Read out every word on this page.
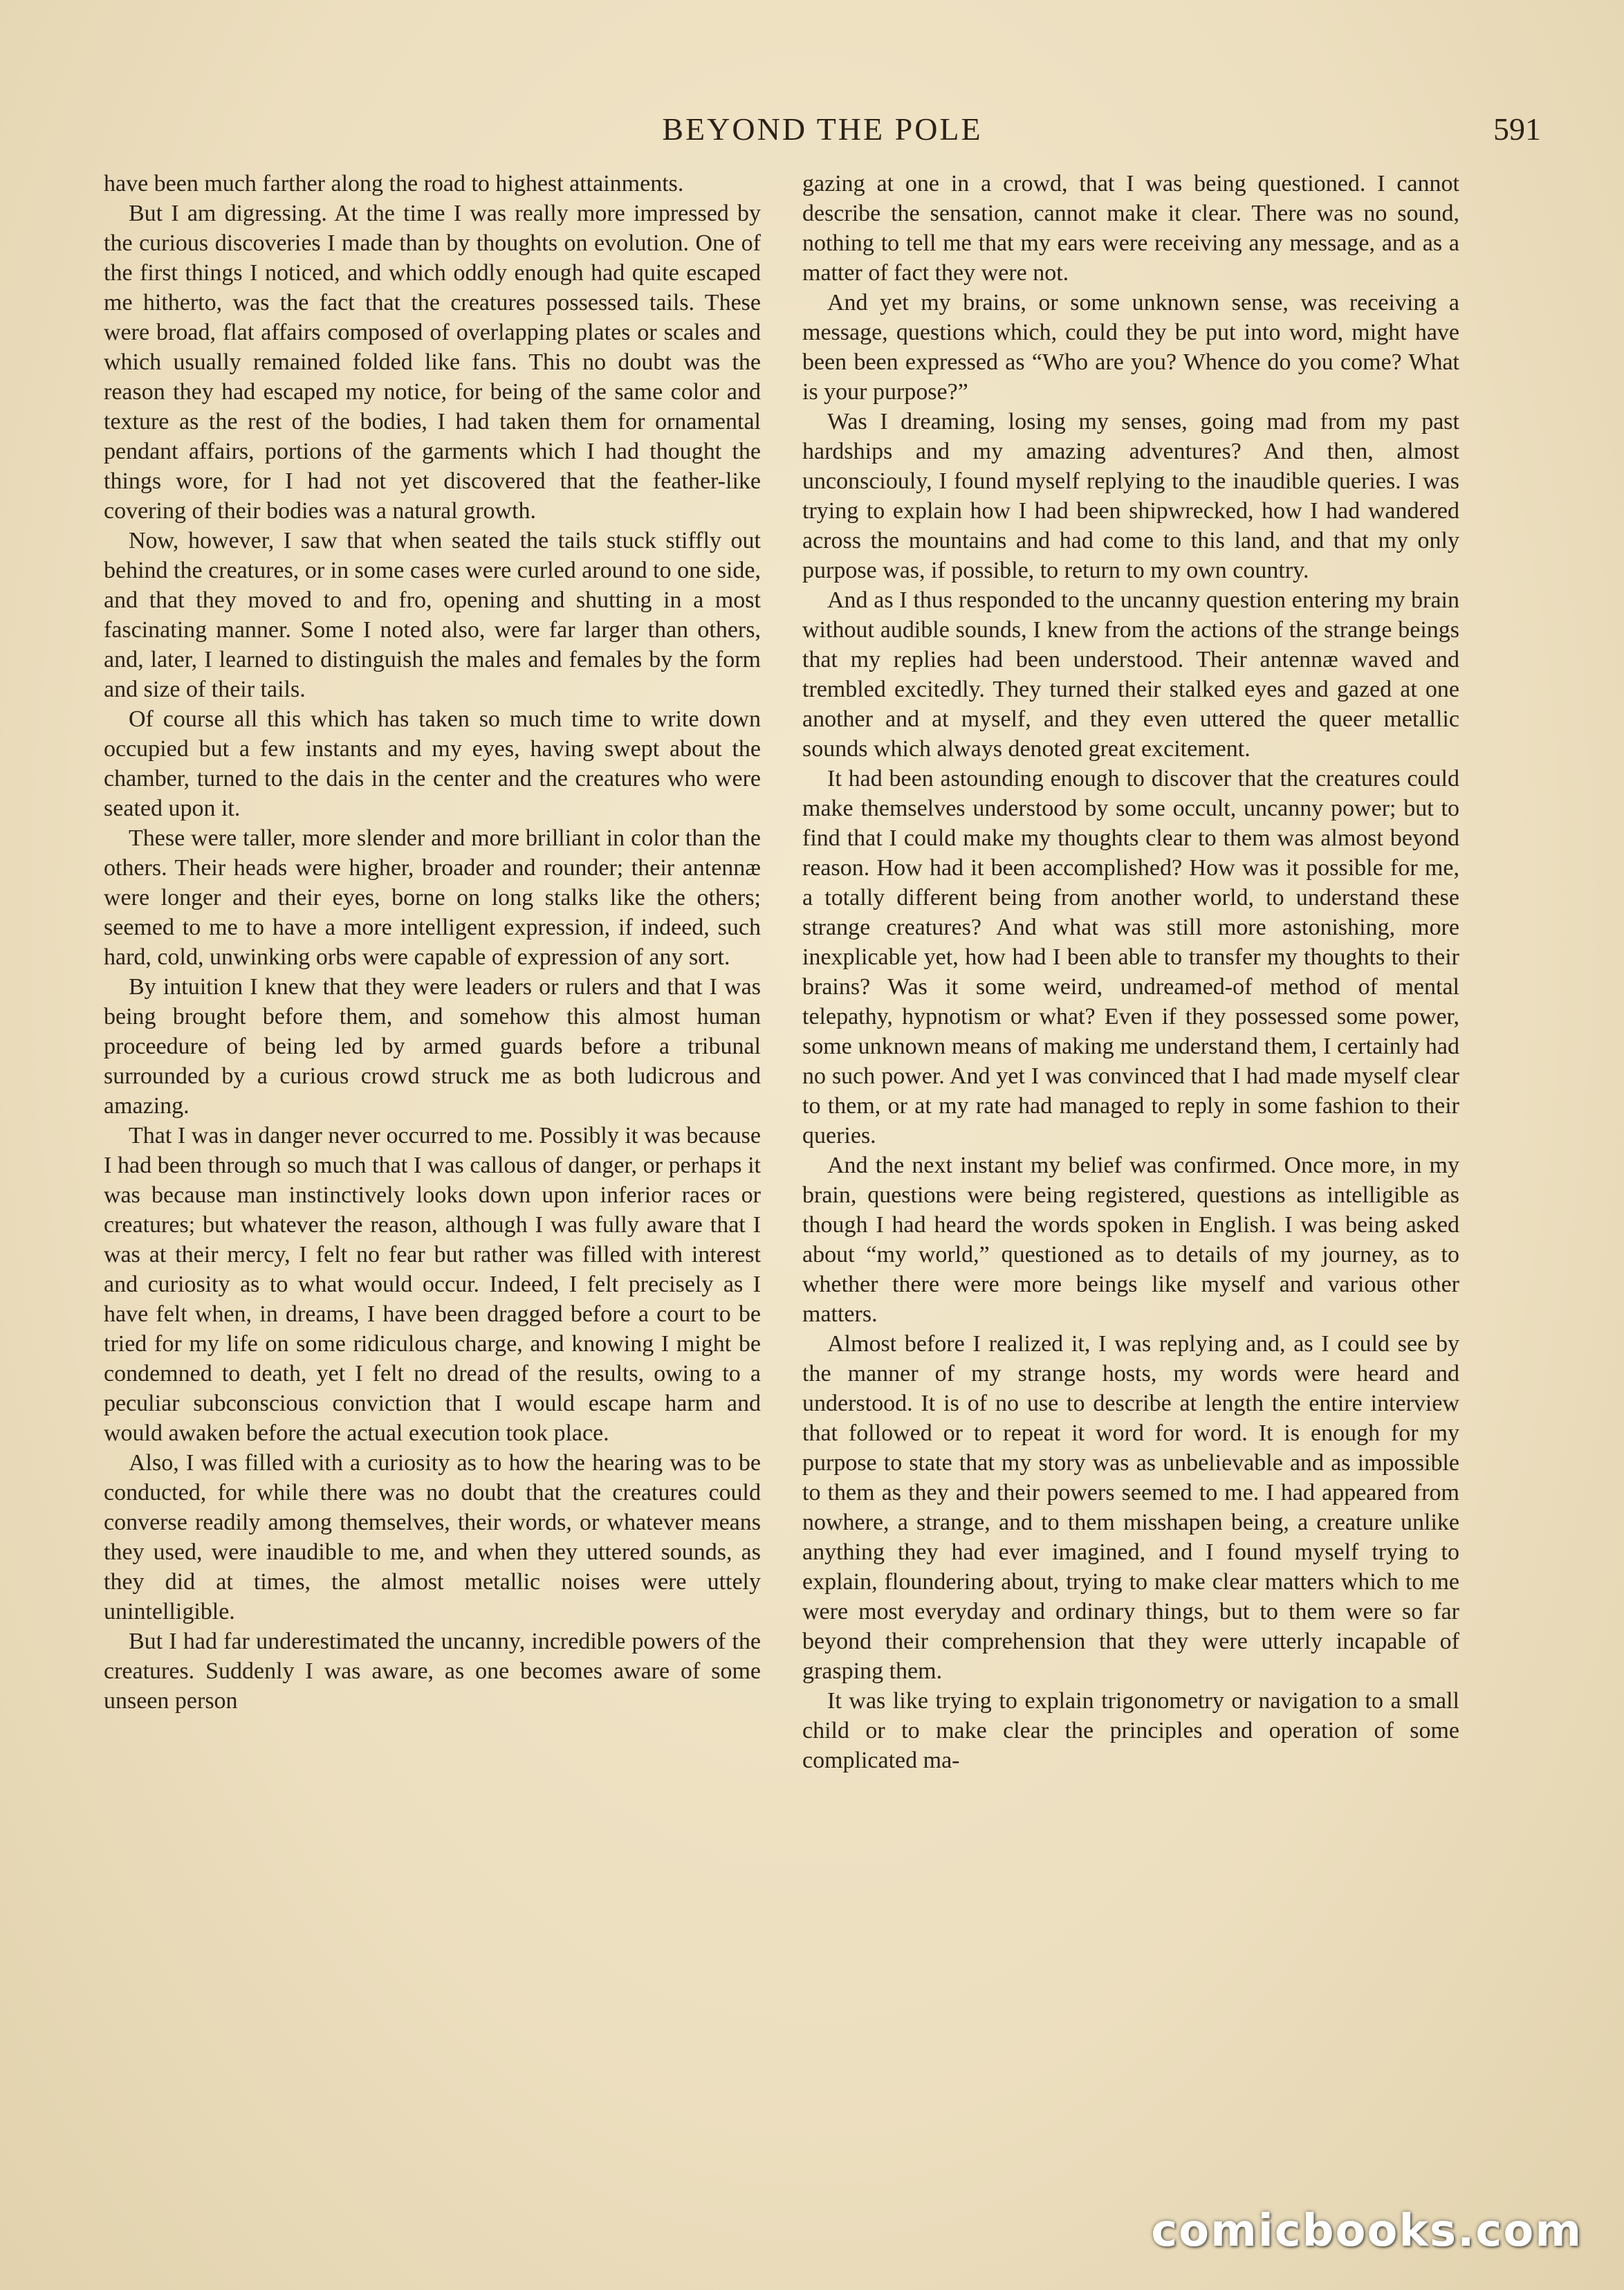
BEYOND THE POLE	591

have been much farther along the road to highest attainments.

But I am digressing. At the time I was really more impressed by the curious discoveries I made than by thoughts on evolution. One of the first things I noticed, and which oddly enough had quite escaped me hitherto, was the fact that the creatures possessed tails. These were broad, flat affairs composed of overlapping plates or scales and which usually remained folded like fans. This no doubt was the reason they had escaped my notice, for being of the same color and texture as the rest of the bodies, I had taken them for ornamental pendant affairs, portions of the garments which I had thought the things wore, for I had not yet discovered that the feather-like covering of their bodies was a natural growth.

Now, however, I saw that when seated the tails stuck stiffly out behind the creatures, or in some cases were curled around to one side, and that they moved to and fro, opening and shutting in a most fascinating manner. Some I noted also, were far larger than others, and, later, I learned to distinguish the males and females by the form and size of their tails.

Of course all this which has taken so much time to write down occupied but a few instants and my eyes, having swept about the chamber, turned to the dais in the center and the creatures who were seated upon it.

These were taller, more slender and more brilliant in color than the others. Their heads were higher, broader and rounder; their antennæ were longer and their eyes, borne on long stalks like the others; seemed to me to have a more intelligent expression, if indeed, such hard, cold, unwinking orbs were capable of expression of any sort.

By intuition I knew that they were leaders or rulers and that I was being brought before them, and somehow this almost human proceedure of being led by armed guards before a tribunal surrounded by a curious crowd struck me as both ludicrous and amazing.

That I was in danger never occurred to me. Possibly it was because I had been through so much that I was callous of danger, or perhaps it was because man instinctively looks down upon inferior races or creatures; but whatever the reason, although I was fully aware that I was at their mercy, I felt no fear but rather was filled with interest and curiosity as to what would occur. Indeed, I felt precisely as I have felt when, in dreams, I have been dragged before a court to be tried for my life on some ridiculous charge, and knowing I might be condemned to death, yet I felt no dread of the results, owing to a peculiar subconscious conviction that I would escape harm and would awaken before the actual execution took place.

Also, I was filled with a curiosity as to how the hearing was to be conducted, for while there was no doubt that the creatures could converse readily among themselves, their words, or whatever means they used, were inaudible to me, and when they uttered sounds, as they did at times, the almost metallic noises were uttely unintelligible.

But I had far underestimated the uncanny, incredible powers of the creatures. Suddenly I was aware, as one becomes aware of some unseen person

gazing at one in a crowd, that I was being questioned. I cannot describe the sensation, cannot make it clear. There was no sound, nothing to tell me that my ears were receiving any message, and as a matter of fact they were not.

And yet my brains, or some unknown sense, was receiving a message, questions which, could they be put into word, might have been been expressed as “Who are you? Whence do you come? What is your purpose?”

Was I dreaming, losing my senses, going mad from my past hardships and my amazing adventures? And then, almost unconsciouly, I found myself replying to the inaudible queries. I was trying to explain how I had been shipwrecked, how I had wandered across the mountains and had come to this land, and that my only purpose was, if possible, to return to my own country.

And as I thus responded to the uncanny question entering my brain without audible sounds, I knew from the actions of the strange beings that my replies had been understood. Their antennæ waved and trembled excitedly. They turned their stalked eyes and gazed at one another and at myself, and they even uttered the queer metallic sounds which always denoted great excitement.

It had been astounding enough to discover that the creatures could make themselves understood by some occult, uncanny power; but to find that I could make my thoughts clear to them was almost beyond reason. How had it been accomplished? How was it possible for me, a totally different being from another world, to understand these strange creatures? And what was still more astonishing, more inexplicable yet, how had I been able to transfer my thoughts to their brains? Was it some weird, undreamed-of method of mental telepathy, hypnotism or what? Even if they possessed some power, some unknown means of making me understand them, I certainly had no such power. And yet I was convinced that I had made myself clear to them, or at my rate had managed to reply in some fashion to their queries.

And the next instant my belief was confirmed. Once more, in my brain, questions were being registered, questions as intelligible as though I had heard the words spoken in English. I was being asked about “my world,” questioned as to details of my journey, as to whether there were more beings like myself and various other matters.

Almost before I realized it, I was replying and, as I could see by the manner of my strange hosts, my words were heard and understood. It is of no use to describe at length the entire interview that followed or to repeat it word for word. It is enough for my purpose to state that my story was as unbelievable and as impossible to them as they and their powers seemed to me. I had appeared from nowhere, a strange, and to them misshapen being, a creature unlike anything they had ever imagined, and I found myself trying to explain, floundering about, trying to make clear matters which to me were most everyday and ordinary things, but to them were so far beyond their comprehension that they were utterly incapable of grasping them.

It was like trying to explain trigonometry or navigation to a small child or to make clear the principles and operation of some complicated ma-

comicbooks.com
